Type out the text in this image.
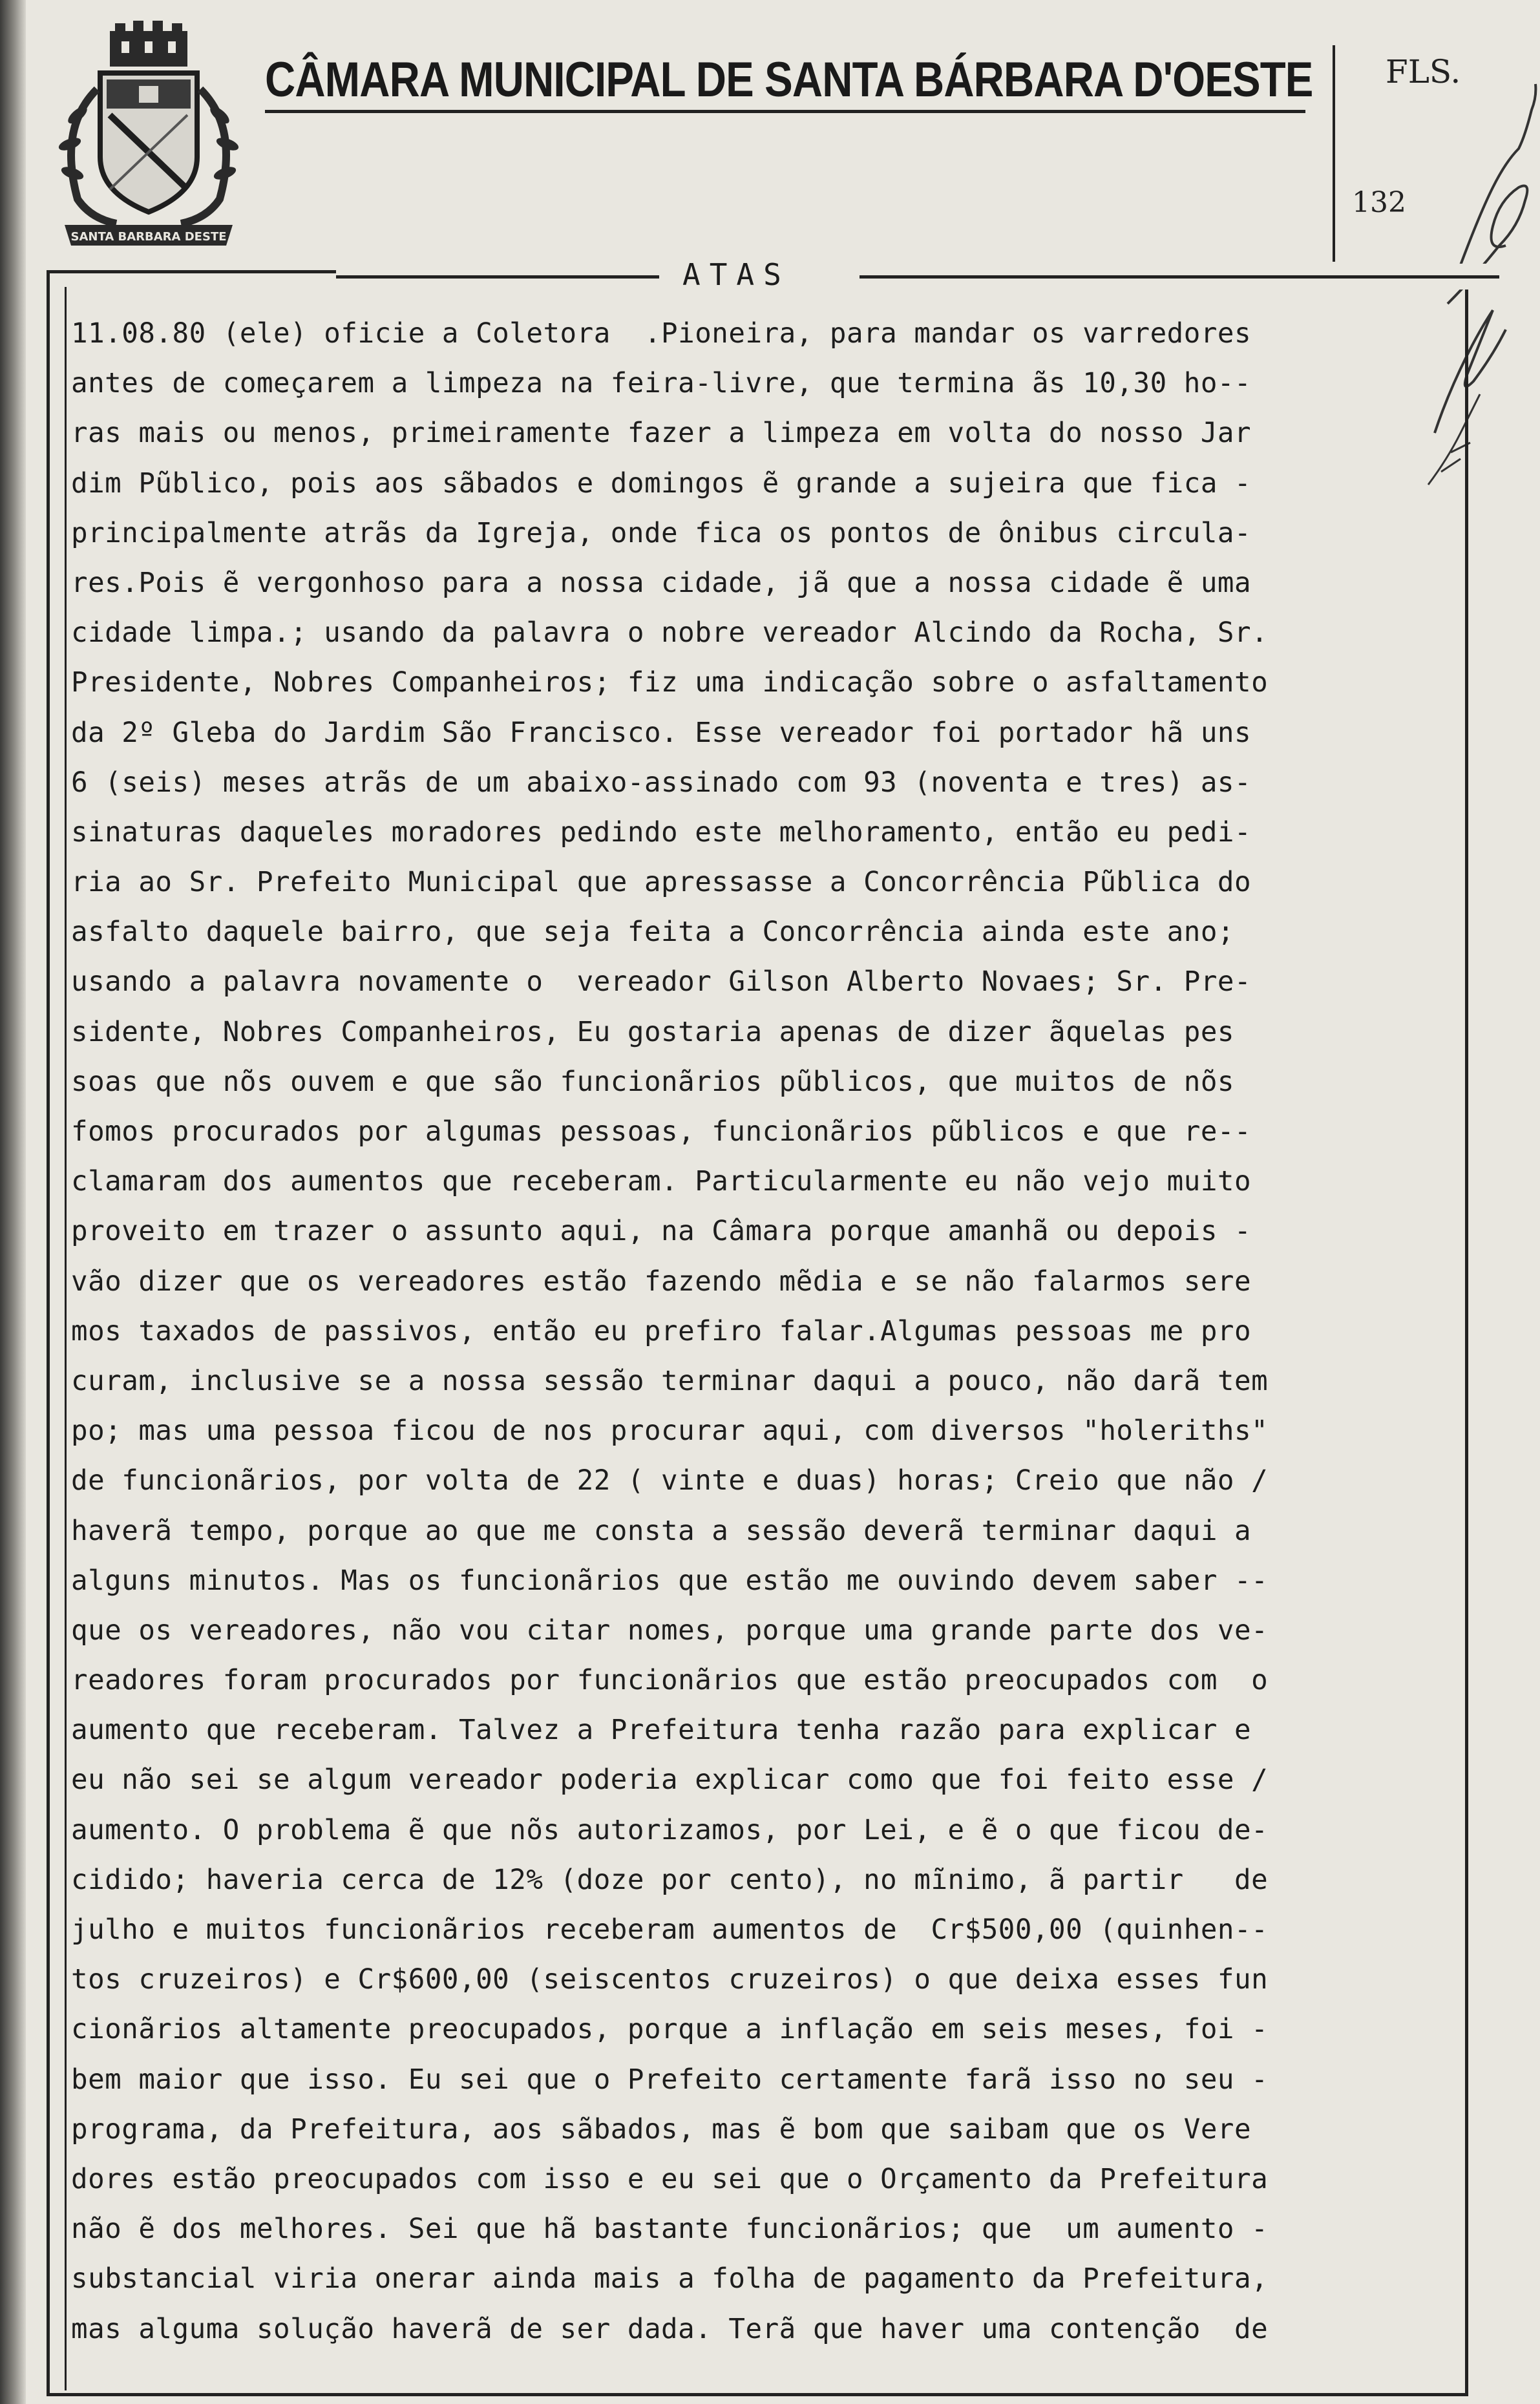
SANTA BARBARA DESTE
CÂMARA MUNICIPAL DE SANTA BÁRBARA D'OESTE FLS.
132
ATAS
11.08.80 (ele) oficie a Coletora  .Pioneira, para mandar os varredores
antes de começarem a limpeza na feira-livre, que termina ãs 10,30 ho--
ras mais ou menos, primeiramente fazer a limpeza em volta do nosso Jar
dim Pũblico, pois aos sãbados e domingos ẽ grande a sujeira que fica -
principalmente atrãs da Igreja, onde fica os pontos de ônibus circula-
res.Pois ẽ vergonhoso para a nossa cidade, jã que a nossa cidade ẽ uma
cidade limpa.; usando da palavra o nobre vereador Alcindo da Rocha, Sr.
Presidente, Nobres Companheiros; fiz uma indicação sobre o asfaltamento
da 2º Gleba do Jardim São Francisco. Esse vereador foi portador hã uns
6 (seis) meses atrãs de um abaixo-assinado com 93 (noventa e tres) as-
sinaturas daqueles moradores pedindo este melhoramento, então eu pedi-
ria ao Sr. Prefeito Municipal que apressasse a Concorrência Pũblica do
asfalto daquele bairro, que seja feita a Concorrência ainda este ano;
usando a palavra novamente o  vereador Gilson Alberto Novaes; Sr. Pre-
sidente, Nobres Companheiros, Eu gostaria apenas de dizer ãquelas pes
soas que nõs ouvem e que são funcionãrios pũblicos, que muitos de nõs
fomos procurados por algumas pessoas, funcionãrios pũblicos e que re--
clamaram dos aumentos que receberam. Particularmente eu não vejo muito
proveito em trazer o assunto aqui, na Câmara porque amanhã ou depois -
vão dizer que os vereadores estão fazendo mẽdia e se não falarmos sere
mos taxados de passivos, então eu prefiro falar.Algumas pessoas me pro
curam, inclusive se a nossa sessão terminar daqui a pouco, não darã tem
po; mas uma pessoa ficou de nos procurar aqui, com diversos "holeriths"
de funcionãrios, por volta de 22 ( vinte e duas) horas; Creio que não /
haverã tempo, porque ao que me consta a sessão deverã terminar daqui a
alguns minutos. Mas os funcionãrios que estão me ouvindo devem saber --
que os vereadores, não vou citar nomes, porque uma grande parte dos ve-
readores foram procurados por funcionãrios que estão preocupados com  o
aumento que receberam. Talvez a Prefeitura tenha razão para explicar e
eu não sei se algum vereador poderia explicar como que foi feito esse /
aumento. O problema ẽ que nõs autorizamos, por Lei, e ẽ o que ficou de-
cidido; haveria cerca de 12% (doze por cento), no mĩnimo, ã partir   de
julho e muitos funcionãrios receberam aumentos de  Cr$500,00 (quinhen--
tos cruzeiros) e Cr$600,00 (seiscentos cruzeiros) o que deixa esses fun
cionãrios altamente preocupados, porque a inflação em seis meses, foi -
bem maior que isso. Eu sei que o Prefeito certamente farã isso no seu -
programa, da Prefeitura, aos sãbados, mas ẽ bom que saibam que os Vere
dores estão preocupados com isso e eu sei que o Orçamento da Prefeitura
não ẽ dos melhores. Sei que hã bastante funcionãrios; que  um aumento -
substancial viria onerar ainda mais a folha de pagamento da Prefeitura,
mas alguma solução haverã de ser dada. Terã que haver uma contenção  de
